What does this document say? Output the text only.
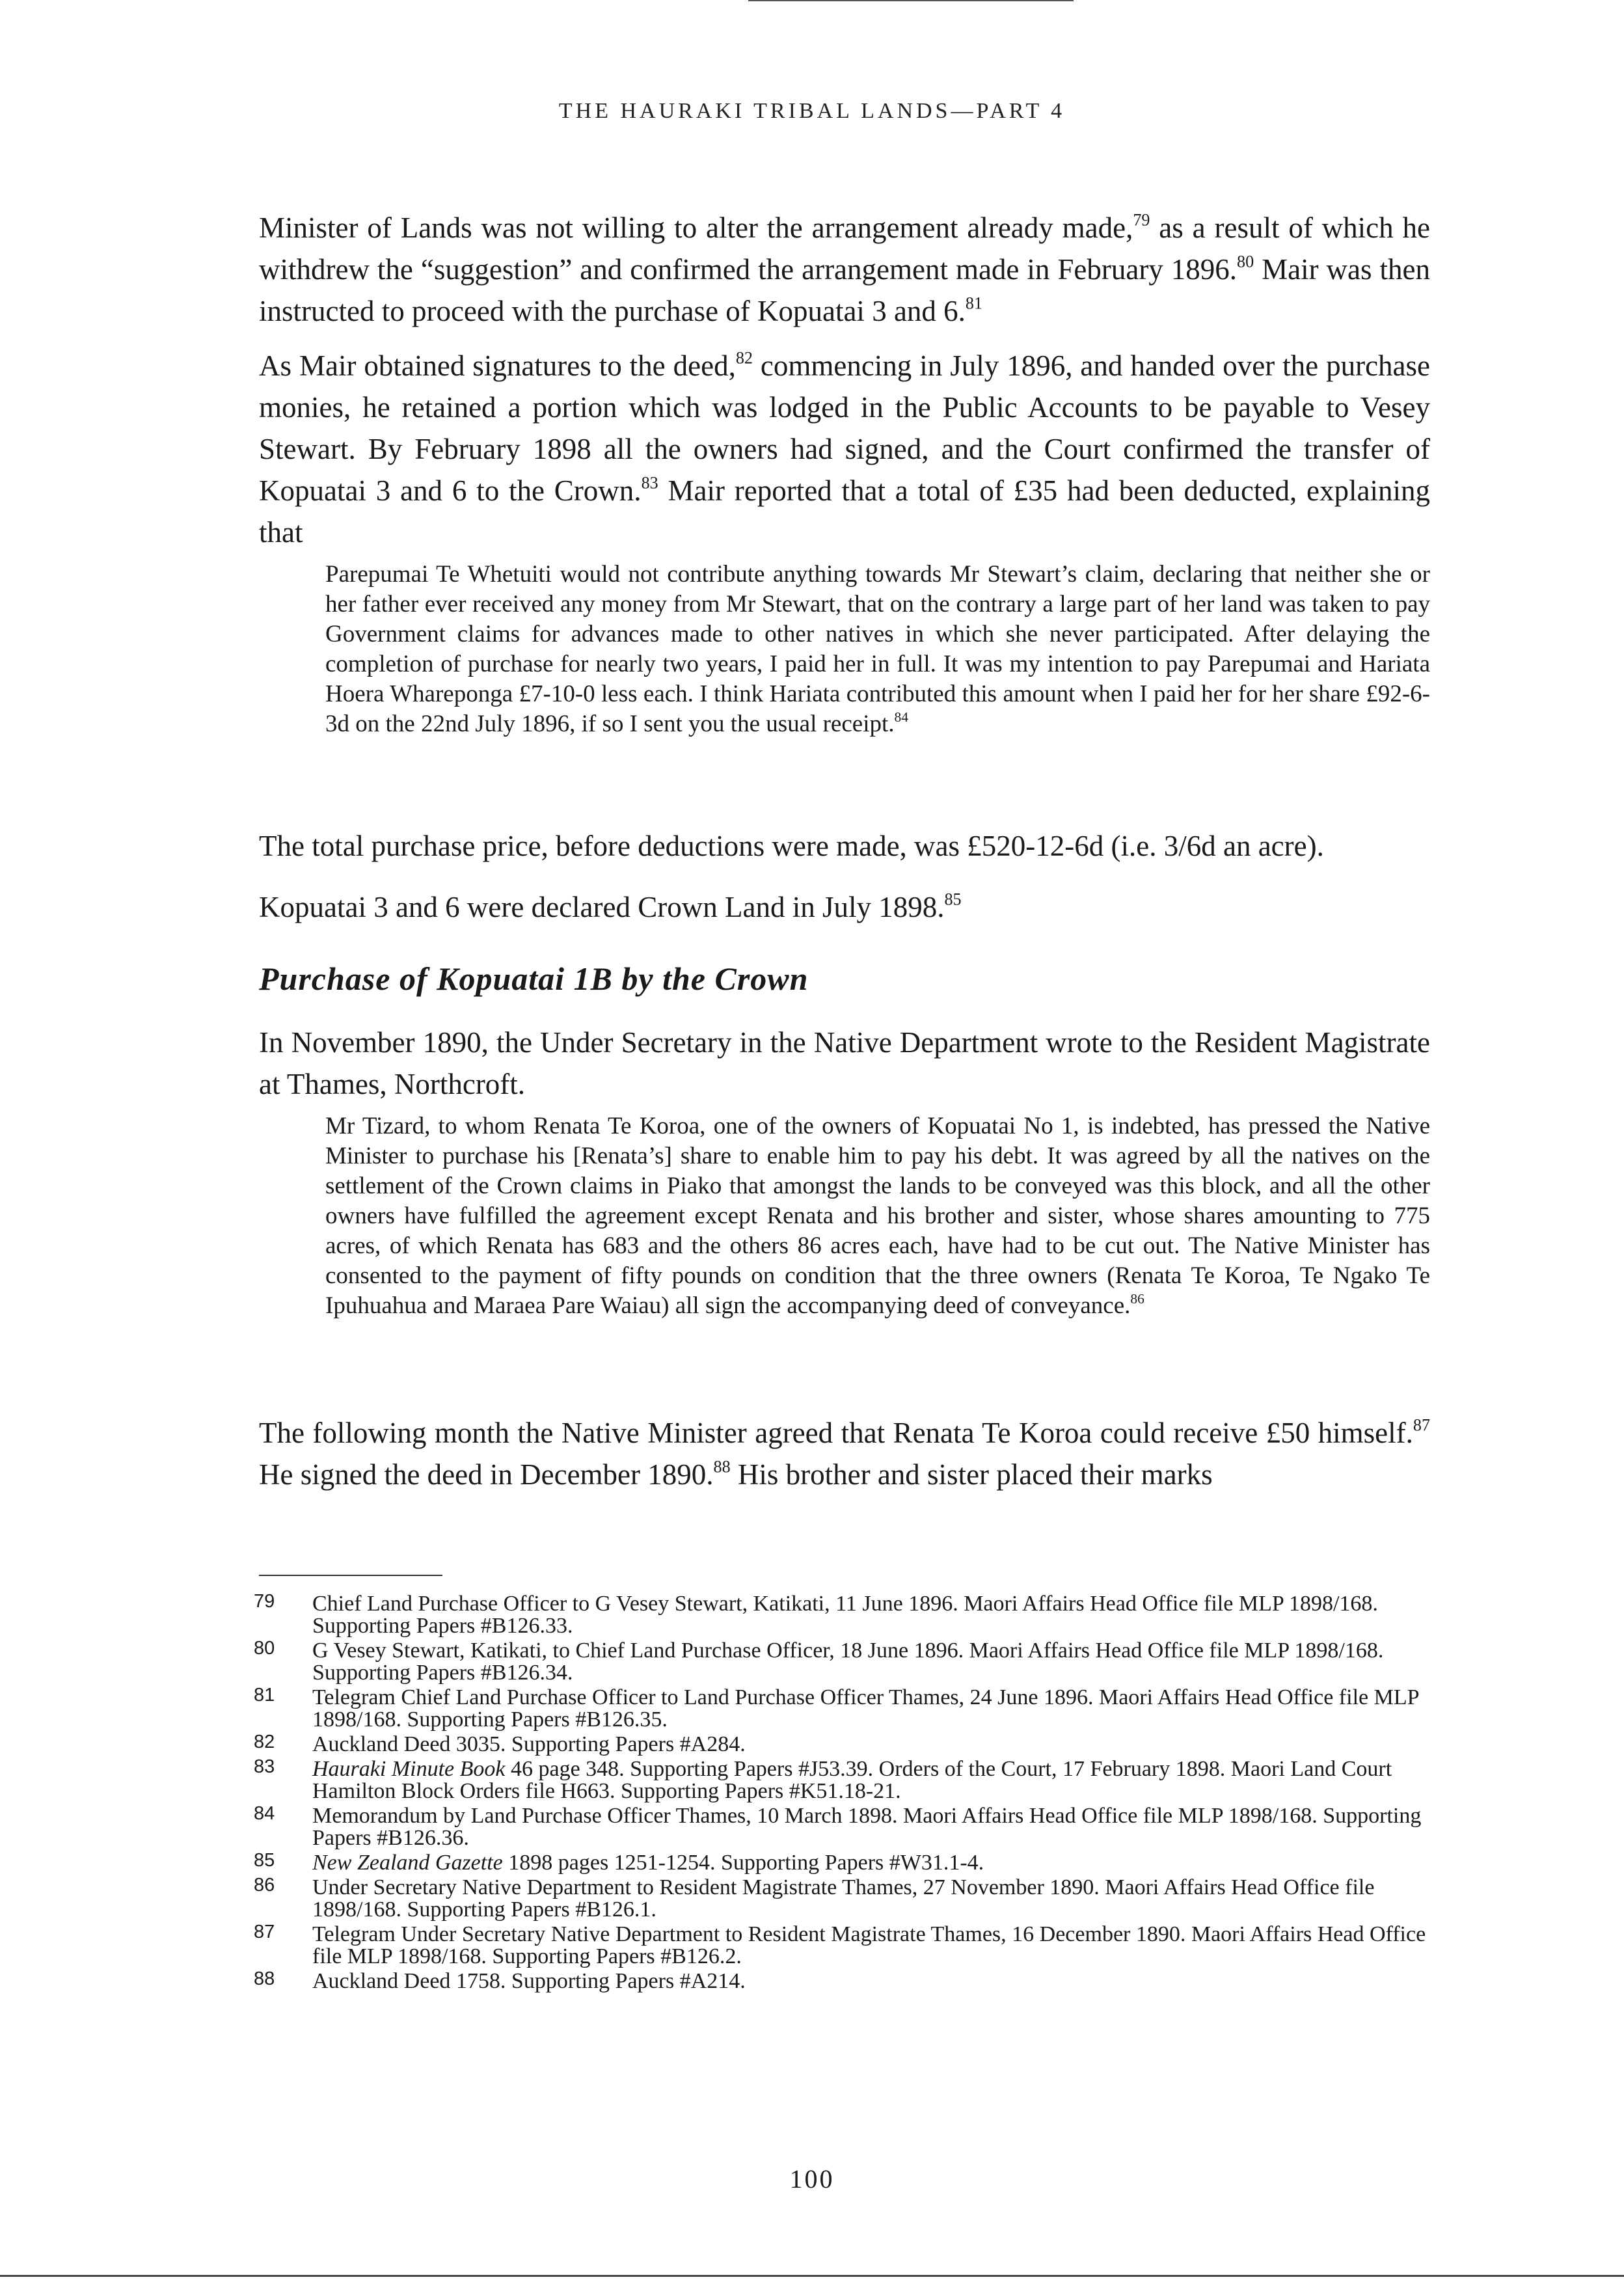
THE HAURAKI TRIBAL LANDS—PART 4

Minister of Lands was not willing to alter the arrangement already made,$^{79}$ as a result of which he withdrew the “suggestion” and confirmed the arrangement made in February 1896.80 Mair was then instructed to proceed with the purchase of Kopuatai 3 and 6.81

As Mair obtained signatures to the deed,$^{82}$ commencing in July 1896, and handed over the purchase monies, he retained a portion which was lodged in the Public Accounts to be payable to Vesey Stewart. By February 1898 all the owners had signed, and the Court confirmed the transfer of Kopuatai 3 and 6 to the Crown.$^{83}$ Mair reported that a total of £35 had been deducted, explaining that

Parepumai Te Whetuiti would not contribute anything towards Mr Stewart’s claim, declaring that neither she or her father ever received any money from Mr Stewart, that on the contrary a large part of her land was taken to pay Government claims for advances made to other natives in which she never participated. After delaying the completion of purchase for nearly two years, I paid her in full. It was my intention to pay Parepumai and Hariata Hoera Whareponga £7-10-0 less each. I think Hariata contributed this amount when I paid her for her share £92-6-3d on the 22nd July 1896, if so I sent you the usual receipt.$^{84}$

The total purchase price, before deductions were made, was £520-12-6d (i.e. 3/6d an acre).

Kopuatai 3 and 6 were declared Crown Land in July 1898.85

Purchase of Kopuatai 1B by the Crown

In November 1890, the Under Secretary in the Native Department wrote to the Resident Magistrate at Thames, Northcroft.

Mr Tizard, to whom Renata Te Koroa, one of the owners of Kopuatai No 1, is indebted, has pressed the Native Minister to purchase his [Renata’s] share to enable him to pay his debt. It was agreed by all the natives on the settlement of the Crown claims in Piako that amongst the lands to be conveyed was this block, and all the other owners have fulfilled the agreement except Renata and his brother and sister, whose shares amounting to 775 acres, of which Renata has 683 and the others 86 acres each, have had to be cut out. The Native Minister has consented to the payment of fifty pounds on condition that the three owners (Renata Te Koroa, Te Ngako Te Ipuhuahua and Maraea Pare Waiau) all sign the accompanying deed of conveyance.$^{86}$

The following month the Native Minister agreed that Renata Te Koroa could receive £50 himself.$^{87}$ He signed the deed in December 1890.88 His brother and sister placed their marks

79 Chief Land Purchase Officer to G Vesey Stewart, Katikati, 11 June 1896. Maori Affairs Head Office file MLP 1898/168. Supporting Papers #B126.33.

80 G Vesey Stewart, Katikati, to Chief Land Purchase Officer, 18 June 1896. Maori Affairs Head Office file MLP 1898/168. Supporting Papers #B126.34.

81 Telegram Chief Land Purchase Officer to Land Purchase Officer Thames, 24 June 1896. Maori Affairs Head Office file MLP 1898/168. Supporting Papers #B126.35.

82 Auckland Deed 3035. Supporting Papers #A284.

83 Hauraki Minute Book 46 page 348. Supporting Papers #J53.39. Orders of the Court, 17 February 1898. Maori Land Court Hamilton Block Orders file H663. Supporting Papers #K51.18-21.

84 Memorandum by Land Purchase Officer Thames, 10 March 1898. Maori Affairs Head Office file MLP 1898/168. Supporting Papers #B126.36.

85 New Zealand Gazette 1898 pages 1251-1254. Supporting Papers #W31.1-4.

86 Under Secretary Native Department to Resident Magistrate Thames, 27 November 1890. Maori Affairs Head Office file 1898/168. Supporting Papers #B126.1.

87 Telegram Under Secretary Native Department to Resident Magistrate Thames, 16 December 1890. Maori Affairs Head Office file MLP 1898/168. Supporting Papers #B126.2.

88 Auckland Deed 1758. Supporting Papers #A214.

100
